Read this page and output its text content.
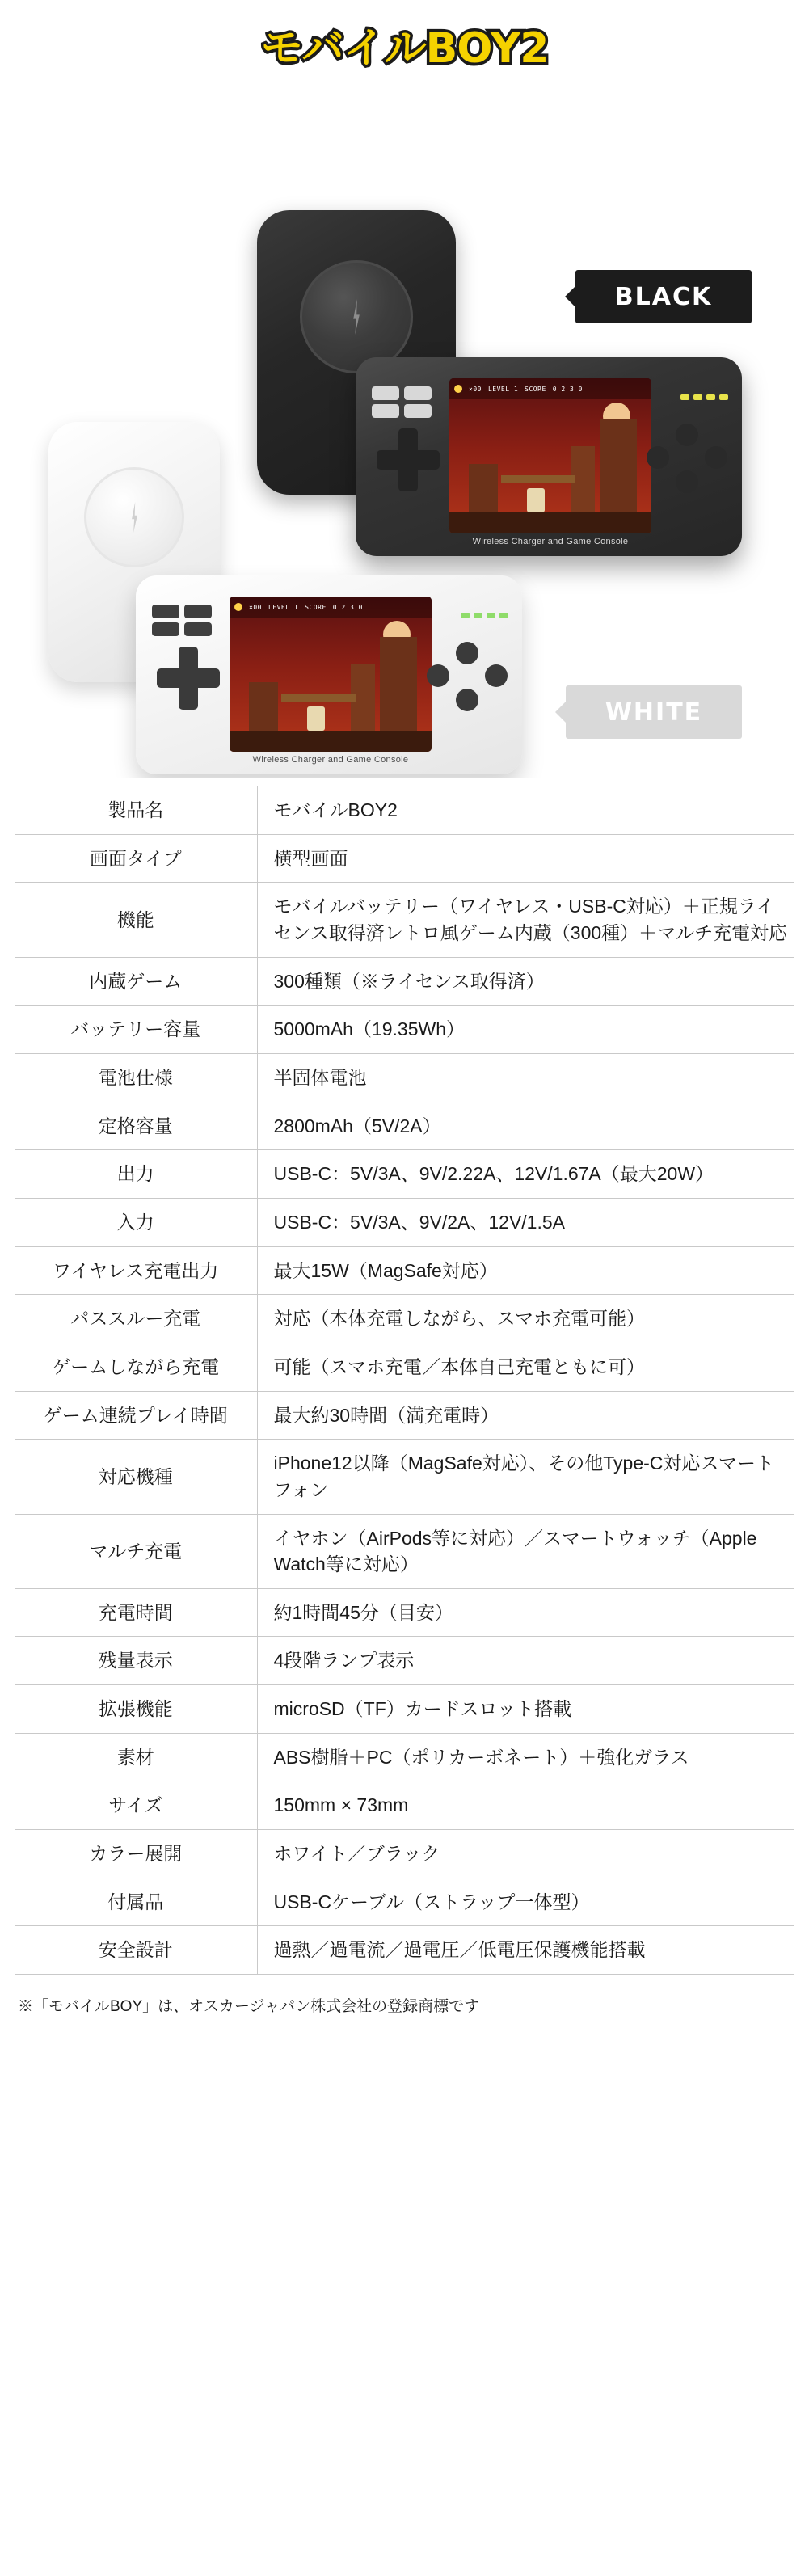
モバイルBOY2
×00 LEVEL 1 SCORE 0 2 3 0
Wireless Charger and Game Console
BLACK
×00 LEVEL 1 SCORE 0 2 3 0
Wireless Charger and Game Console
WHITE
製品名	モバイルBOY2
画面タイプ	横型画面
機能	モバイルバッテリー（ワイヤレス・USB-C対応）＋正規ライセンス取得済レトロ風ゲーム内蔵（300種）＋マルチ充電対応
内蔵ゲーム	300種類（※ライセンス取得済）
バッテリー容量	5000mAh（19.35Wh）
電池仕様	半固体電池
定格容量	2800mAh（5V/2A）
出力	USB-C：5V/3A、9V/2.22A、12V/1.67A（最大20W）
入力	USB-C：5V/3A、9V/2A、12V/1.5A
ワイヤレス充電出力	最大15W（MagSafe対応）
パススルー充電	対応（本体充電しながら、スマホ充電可能）
ゲームしながら充電	可能（スマホ充電／本体自己充電ともに可）
ゲーム連続プレイ時間	最大約30時間（満充電時）
対応機種	iPhone12以降（MagSafe対応）、その他Type-C対応スマートフォン
マルチ充電	イヤホン（AirPods等に対応）／スマートウォッチ（Apple Watch等に対応）
充電時間	約1時間45分（目安）
残量表示	4段階ランプ表示
拡張機能	microSD（TF）カードスロット搭載
素材	ABS樹脂＋PC（ポリカーボネート）＋強化ガラス
サイズ	150mm × 73mm
カラー展開	ホワイト／ブラック
付属品	USB-Cケーブル（ストラップ一体型）
安全設計	過熱／過電流／過電圧／低電圧保護機能搭載
※「モバイルBOY」は、オスカージャパン株式会社の登録商標です
